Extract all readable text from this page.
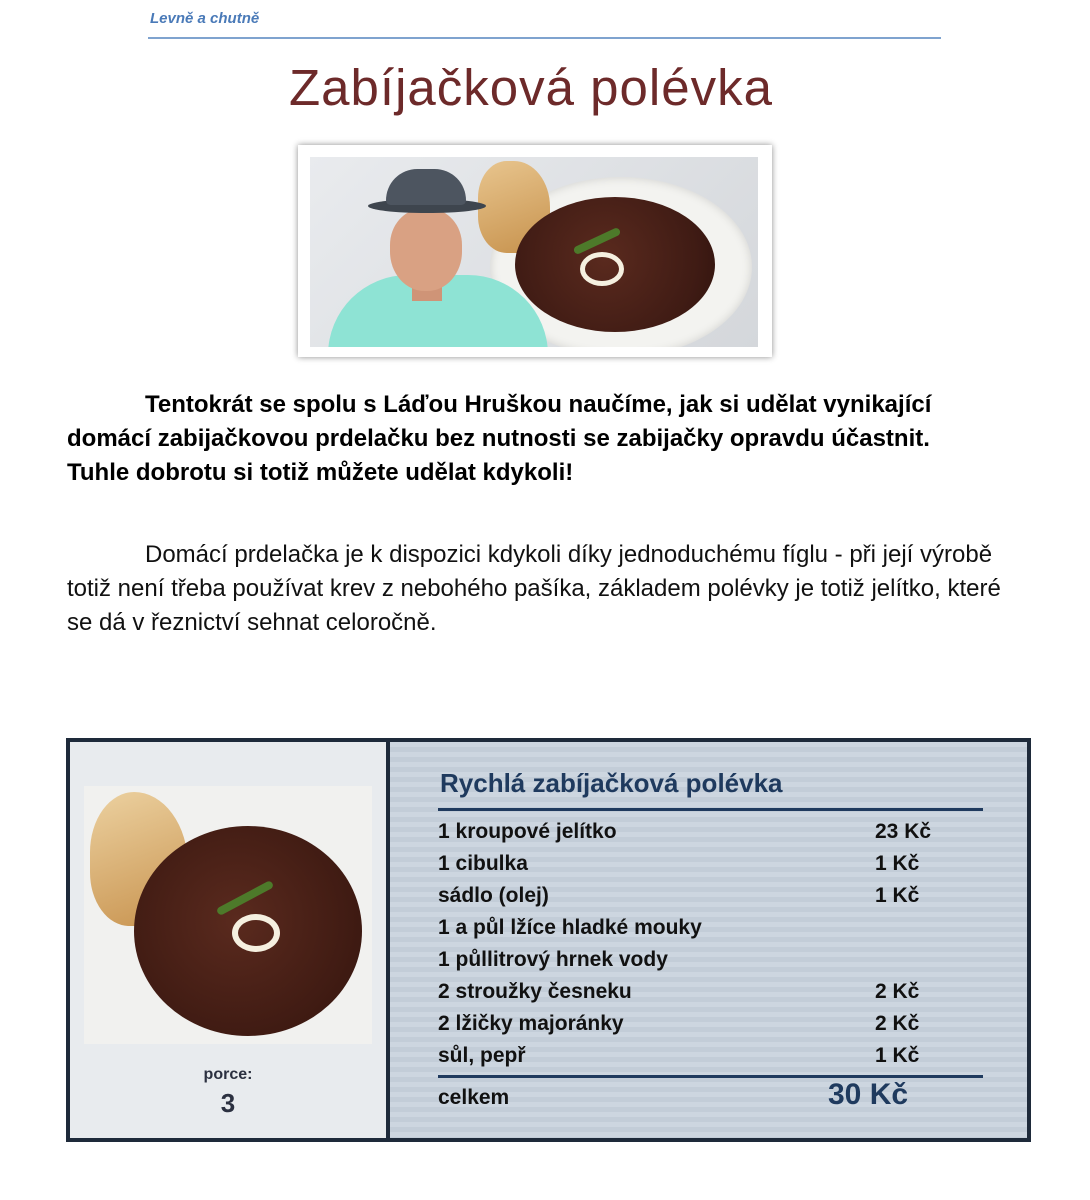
Levně a chutně
Zabíjačková polévka

Tentokrát se spolu s Láďou Hruškou naučíme, jak si udělat vynikající domácí zabijačkovou prdelačku bez nutnosti se zabijačky opravdu účastnit. Tuhle dobrotu si totiž můžete udělat kdykoli!

Domácí prdelačka je k dispozici kdykoli díky jednoduchému fíglu - při její výrobě totiž není třeba používat krev z nebohého pašíka, základem polévky je totiž jelítko, které se dá v řeznictví sehnat celoročně.

porce:
3
Rychlá zabíjačková polévka
1 kroupové jelítko	23 Kč
1 cibulka	1 Kč
sádlo (olej)	1 Kč
1 a půl lžíce hladké mouky
1 půllitrový hrnek vody
2 stroužky česneku	2 Kč
2 lžičky majoránky	2 Kč
sůl, pepř	1 Kč
celkem	30 Kč
